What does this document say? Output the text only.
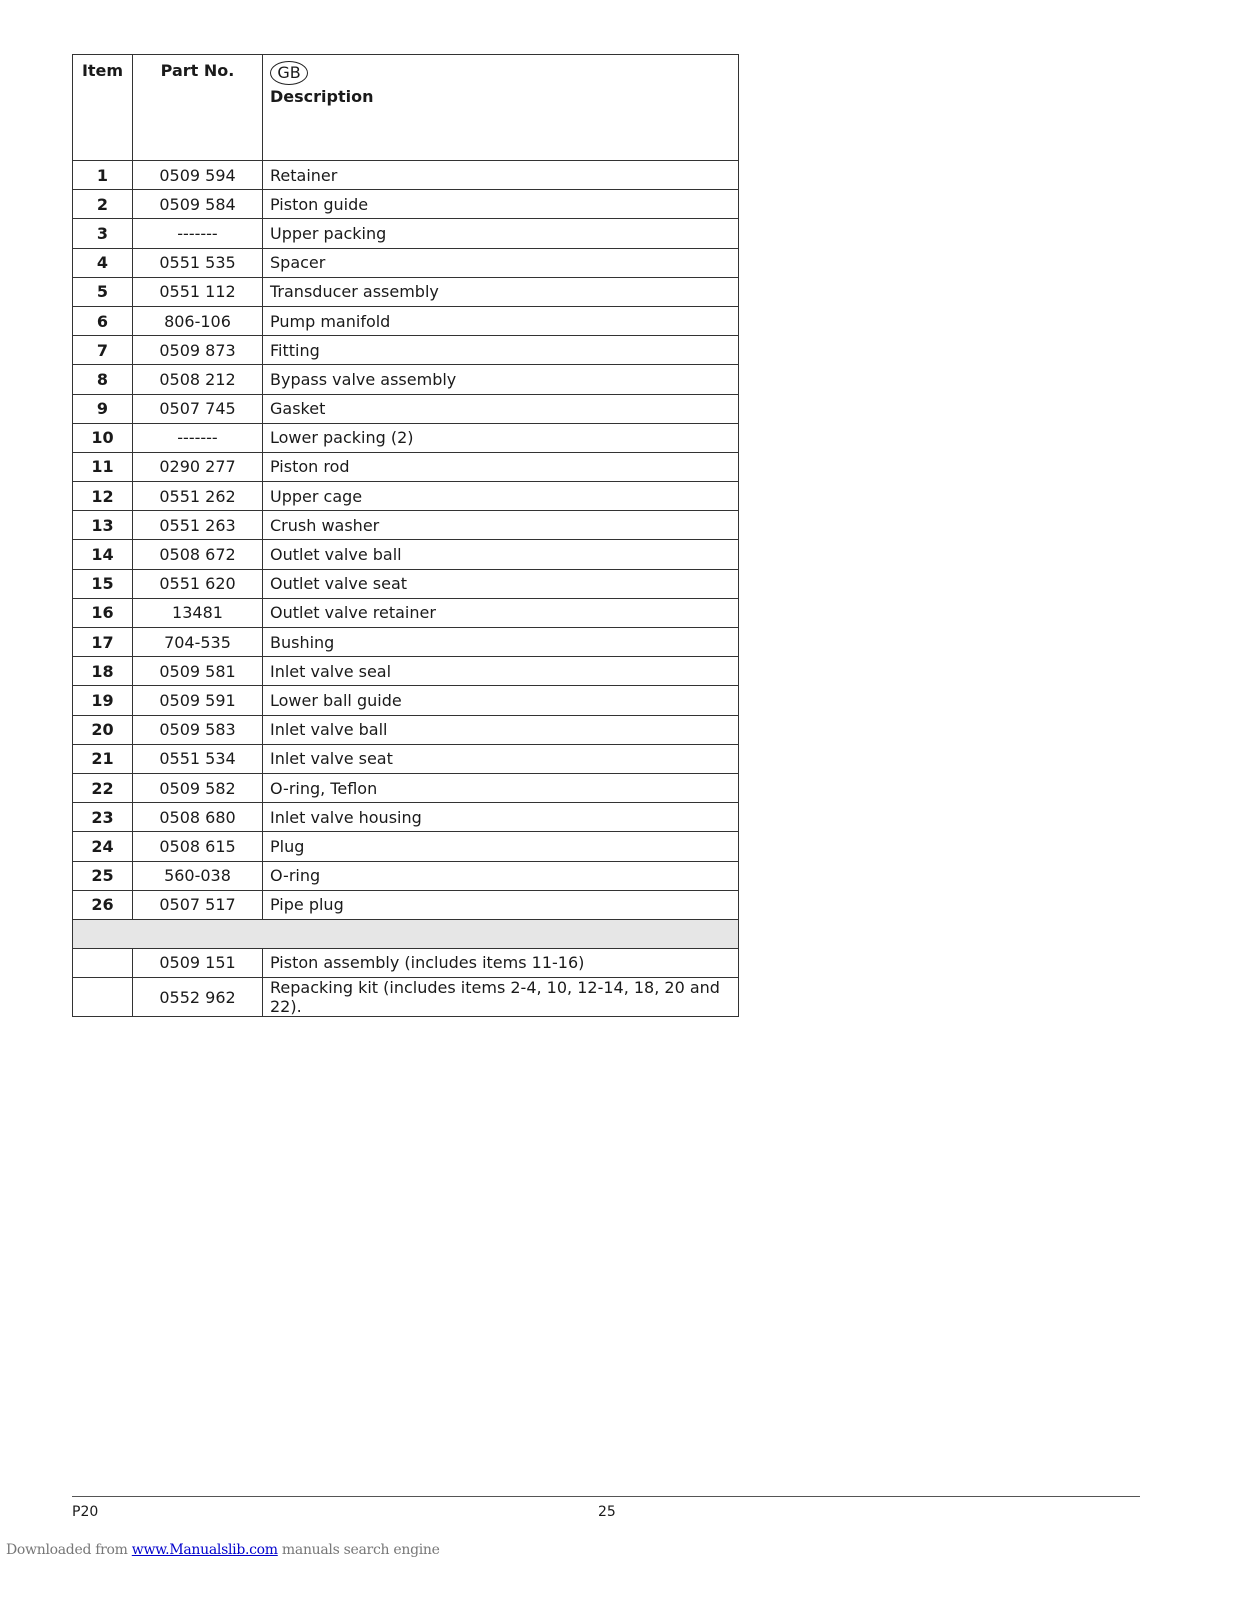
Item	Part No.	GB
Description

1	0509 594	Retainer
2	0509 584	Piston guide
3	-------	Upper packing
4	0551 535	Spacer
5	0551 112	Transducer assembly
6	806-106	Pump manifold
7	0509 873	Fitting
8	0508 212	Bypass valve assembly
9	0507 745	Gasket
10	-------	Lower packing (2)
11	0290 277	Piston rod
12	0551 262	Upper cage
13	0551 263	Crush washer
14	0508 672	Outlet valve ball
15	0551 620	Outlet valve seat
16	13481	Outlet valve retainer
17	704-535	Bushing
18	0509 581	Inlet valve seal
19	0509 591	Lower ball guide
20	0509 583	Inlet valve ball
21	0551 534	Inlet valve seat
22	0509 582	O-ring, Teflon
23	0508 680	Inlet valve housing
24	0508 615	Plug
25	560-038	O-ring
26	0507 517	Pipe plug

	0509 151	Piston assembly (includes items 11-16)
	0552 962	Repacking kit (includes items 2-4, 10, 12-14, 18, 20 and 22).
P20	25
Downloaded from www.Manualslib.com manuals search engine
